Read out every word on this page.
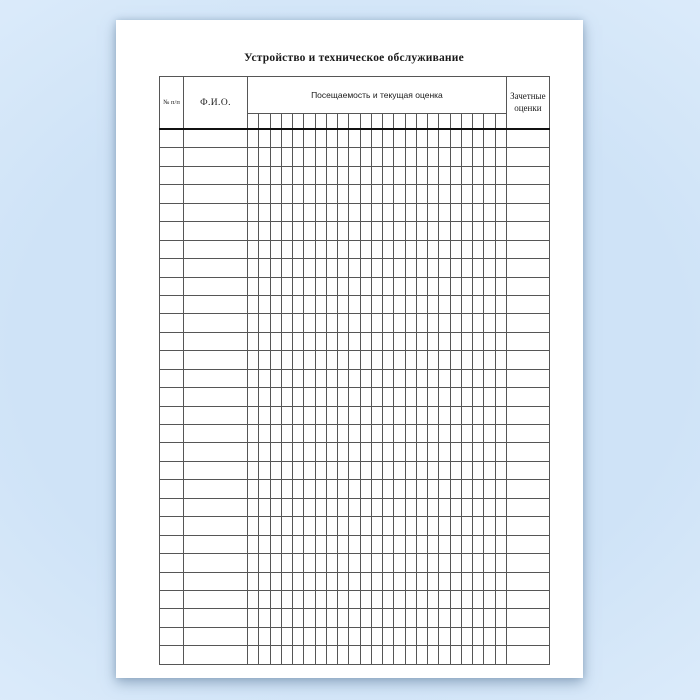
Устройство и техническое обслуживание
№ п/п	Ф.И.О.	Посещаемость и текущая оценка																							Зачетные оценки
